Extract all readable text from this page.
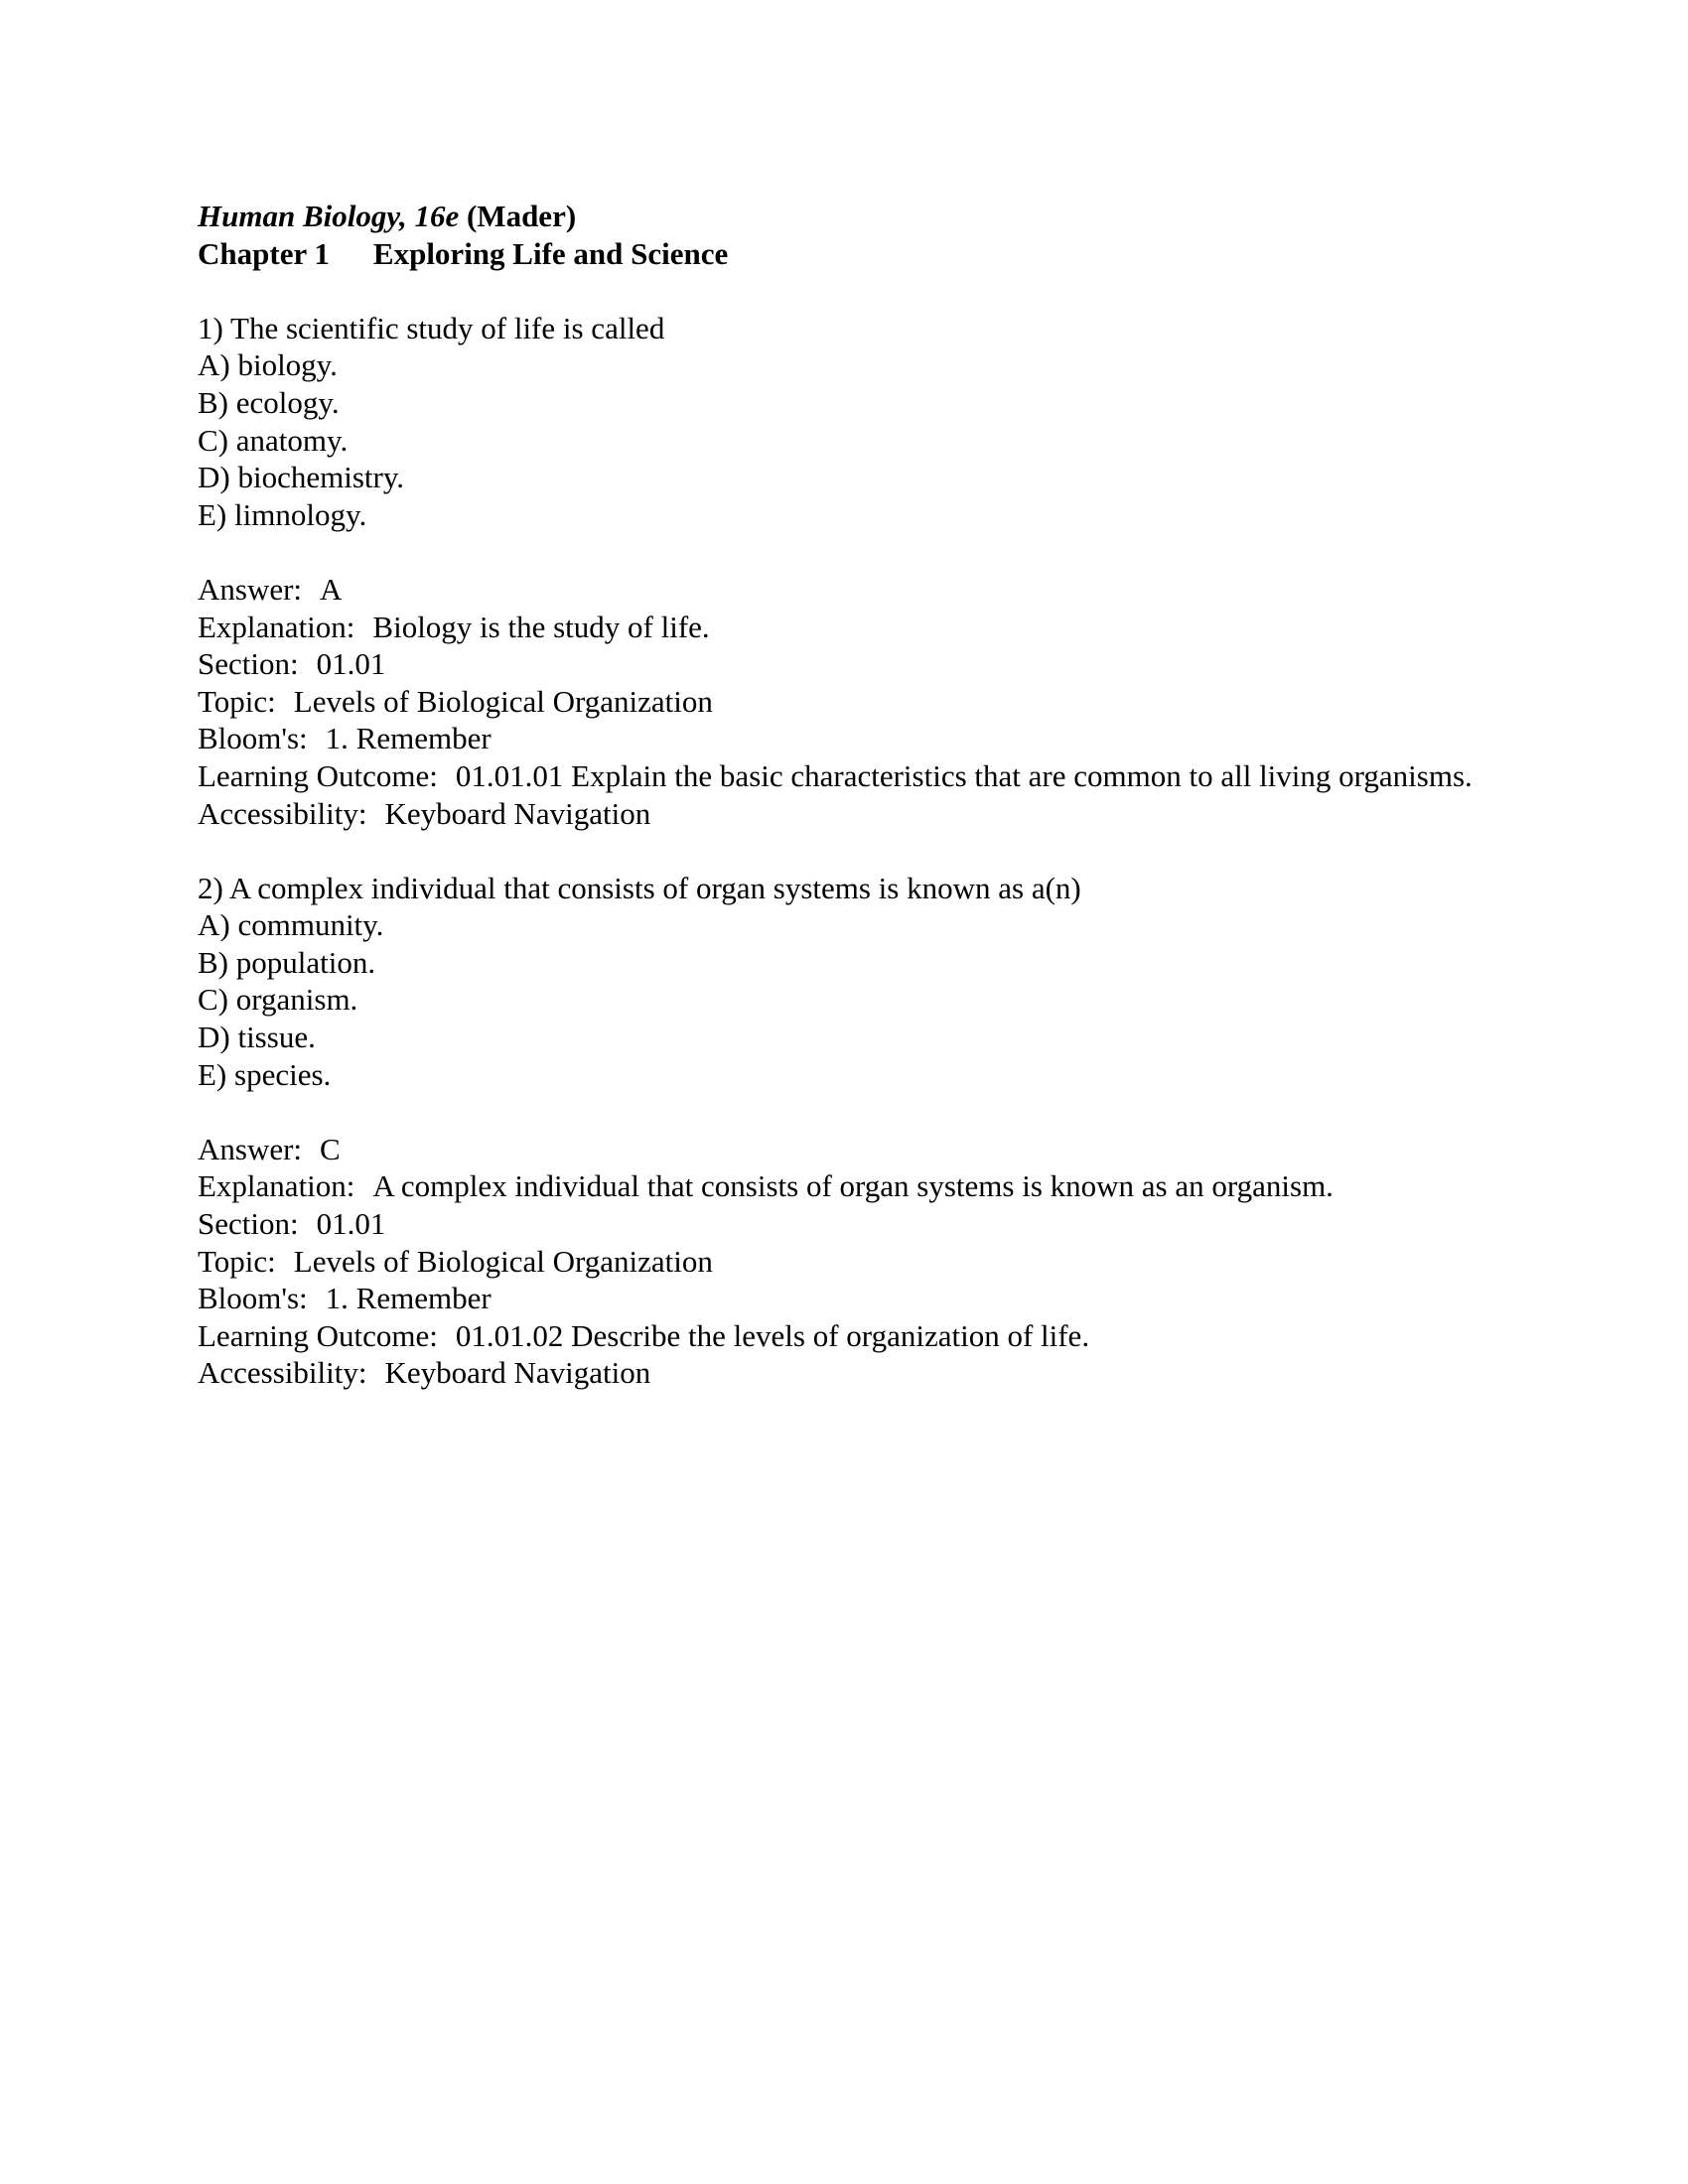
Human Biology, 16e (Mader)
Chapter 1 Exploring Life and Science
1) The scientific study of life is called
A) biology.
B) ecology.
C) anatomy.
D) biochemistry.
E) limnology.
Answer: A
Explanation: Biology is the study of life.
Section: 01.01
Topic: Levels of Biological Organization
Bloom's: 1. Remember
Learning Outcome: 01.01.01 Explain the basic characteristics that are common to all living organisms.
Accessibility: Keyboard Navigation
2) A complex individual that consists of organ systems is known as a(n)
A) community.
B) population.
C) organism.
D) tissue.
E) species.
Answer: C
Explanation: A complex individual that consists of organ systems is known as an organism.
Section: 01.01
Topic: Levels of Biological Organization
Bloom's: 1. Remember
Learning Outcome: 01.01.02 Describe the levels of organization of life.
Accessibility: Keyboard Navigation
